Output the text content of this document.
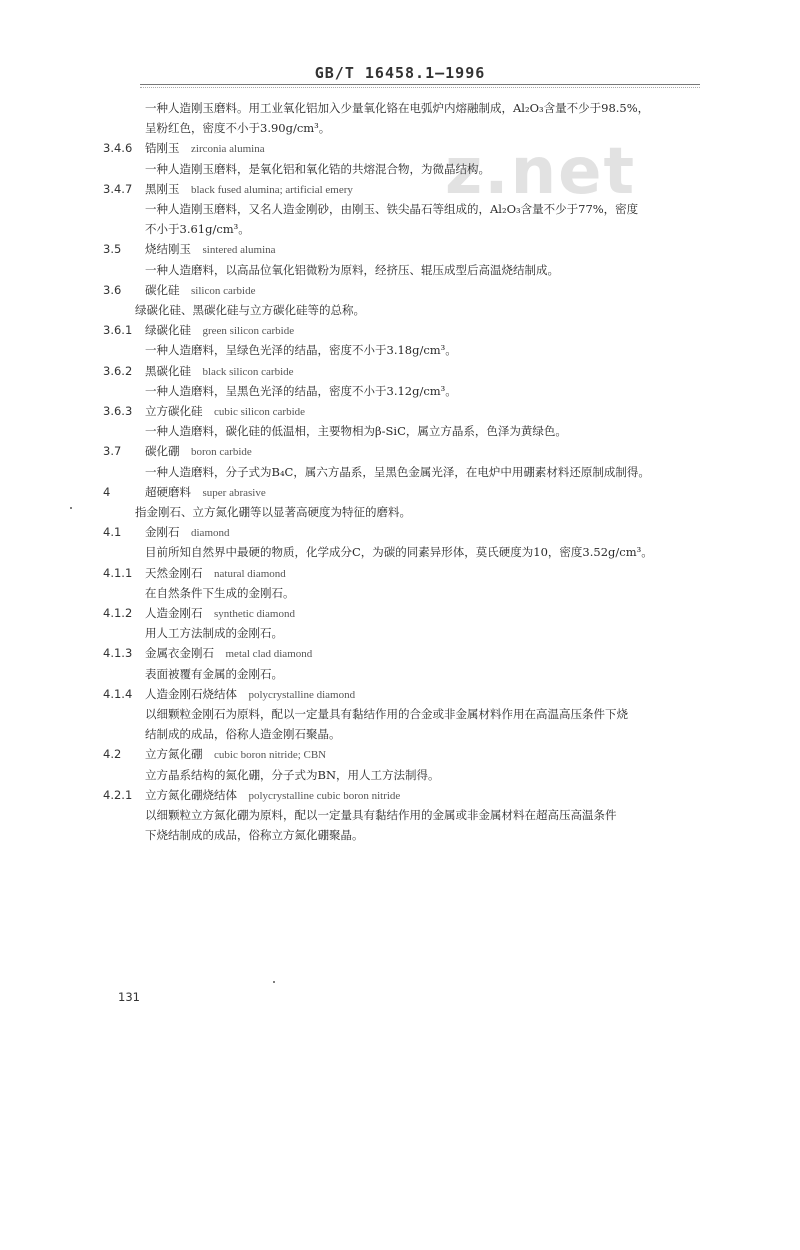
GB/T 16458.1—1996
z.net
一种人造刚玉磨料。用工业氧化铝加入少量氧化铬在电弧炉内熔融制成，Al₂O₃含量不少于98.5%，
呈粉红色，密度不小于3.90g/cm³。
3.4.6 锆刚玉  zirconia alumina
一种人造刚玉磨料，是氧化铝和氧化锆的共熔混合物，为微晶结构。
3.4.7 黑刚玉  black fused alumina; artificial emery
一种人造刚玉磨料，又名人造金刚砂，由刚玉、铁尖晶石等组成的，Al₂O₃含量不少于77%，密度
不小于3.61g/cm³。
3.5 烧结刚玉  sintered alumina
一种人造磨料，以高品位氧化铝微粉为原料，经挤压、辊压成型后高温烧结制成。
3.6 碳化硅  silicon carbide
绿碳化硅、黑碳化硅与立方碳化硅等的总称。
3.6.1 绿碳化硅  green silicon carbide
一种人造磨料，呈绿色光泽的结晶，密度不小于3.18g/cm³。
3.6.2 黑碳化硅  black silicon carbide
一种人造磨料，呈黑色光泽的结晶，密度不小于3.12g/cm³。
3.6.3 立方碳化硅  cubic silicon carbide
一种人造磨料，碳化硅的低温相，主要物相为β-SiC，属立方晶系，色泽为黄绿色。
3.7 碳化硼  boron carbide
一种人造磨料，分子式为B₄C，属六方晶系，呈黑色金属光泽，在电炉中用硼素材料还原制成制得。
4	超硬磨料  super abrasive
指金刚石、立方氮化硼等以显著高硬度为特征的磨料。
4.1 金刚石  diamond
目前所知自然界中最硬的物质，化学成分C，为碳的同素异形体，莫氏硬度为10，密度3.52g/cm³。
4.1.1 天然金刚石  natural diamond
在自然条件下生成的金刚石。
4.1.2 人造金刚石  synthetic diamond
用人工方法制成的金刚石。
4.1.3 金属衣金刚石  metal clad diamond
表面被覆有金属的金刚石。
4.1.4 人造金刚石烧结体  polycrystalline diamond
以细颗粒金刚石为原料，配以一定量具有黏结作用的合金或非金属材料作用在高温高压条件下烧
结制成的成品，俗称人造金刚石聚晶。
4.2 立方氮化硼  cubic boron nitride; CBN
立方晶系结构的氮化硼，分子式为BN，用人工方法制得。
4.2.1 立方氮化硼烧结体  polycrystalline cubic boron nitride
以细颗粒立方氮化硼为原料，配以一定量具有黏结作用的金属或非金属材料在超高压高温条件
下烧结制成的成品，俗称立方氮化硼聚晶。
131
